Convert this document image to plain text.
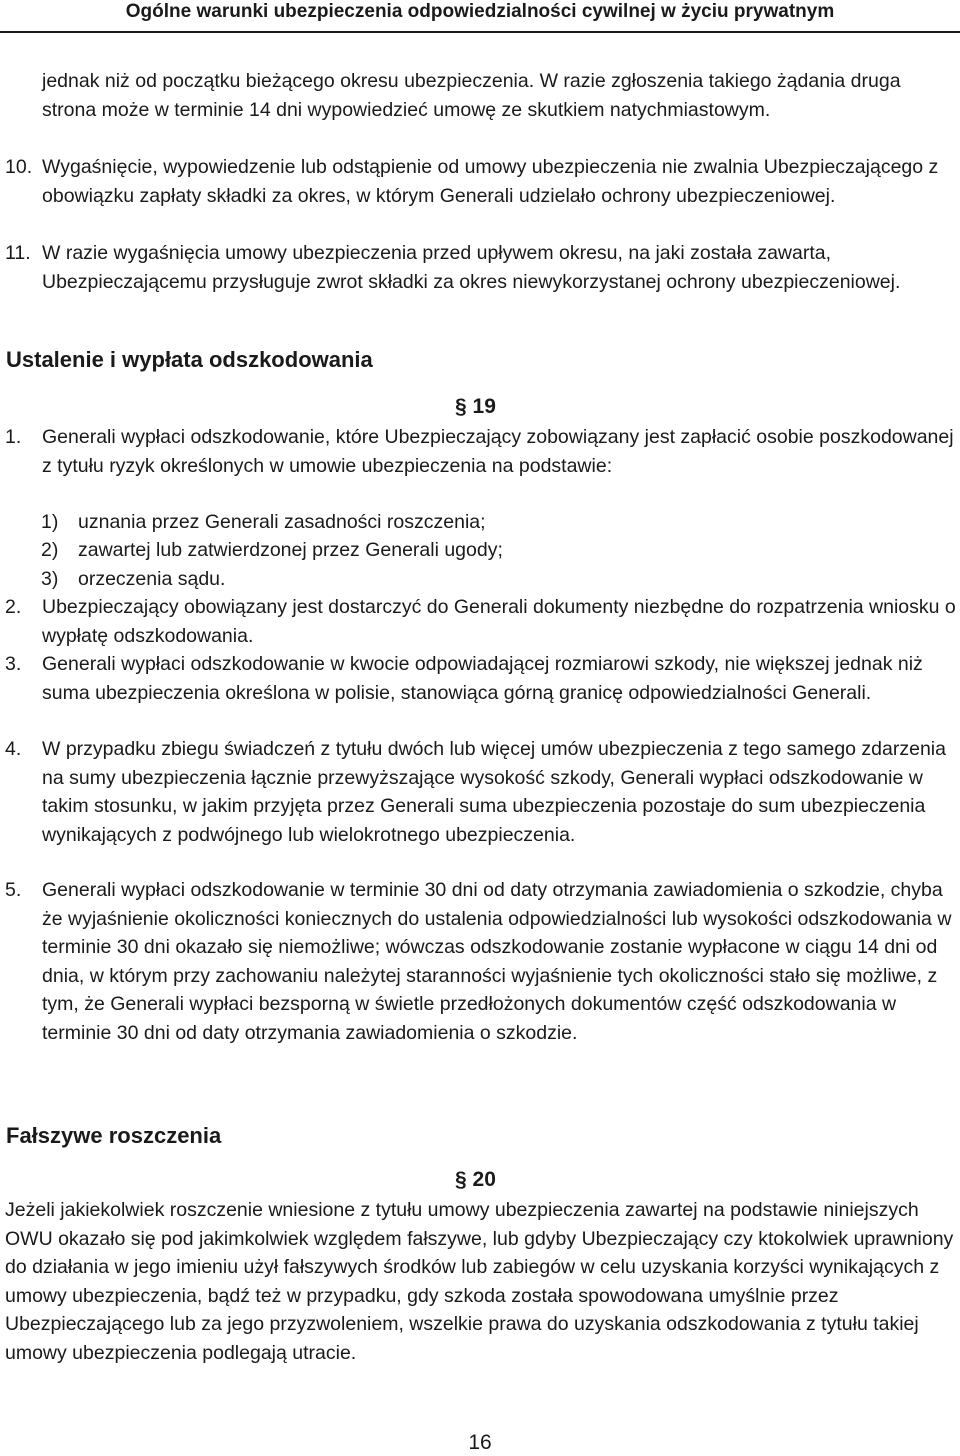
Ogólne warunki ubezpieczenia odpowiedzialności cywilnej w życiu prywatnym
jednak niż od początku bieżącego okresu ubezpieczenia. W razie zgłoszenia takiego żądania druga strona może w terminie 14 dni wypowiedzieć umowę ze skutkiem natychmiastowym.
10. Wygaśnięcie, wypowiedzenie lub odstąpienie od umowy ubezpieczenia nie zwalnia Ubezpieczającego z obowiązku zapłaty składki za okres, w którym Generali udzielało ochrony ubezpieczeniowej.
11. W razie wygaśnięcia umowy ubezpieczenia przed upływem okresu, na jaki została zawarta, Ubezpieczającemu przysługuje zwrot składki za okres niewykorzystanej ochrony ubezpieczeniowej.
Ustalenie i wypłata odszkodowania
§ 19
1. Generali wypłaci odszkodowanie, które Ubezpieczający zobowiązany jest zapłacić osobie poszkodowanej z tytułu ryzyk określonych w umowie ubezpieczenia na podstawie:
1) uznania przez Generali zasadności roszczenia;
2) zawartej lub zatwierdzonej przez Generali ugody;
3) orzeczenia sądu.
2. Ubezpieczający obowiązany jest dostarczyć do Generali dokumenty niezbędne do rozpatrzenia wniosku o wypłatę odszkodowania.
3. Generali wypłaci odszkodowanie w kwocie odpowiadającej rozmiarowi szkody, nie większej jednak niż suma ubezpieczenia określona w polisie, stanowiąca górną granicę odpowiedzialności Generali.
4. W przypadku zbiegu świadczeń z tytułu dwóch lub więcej umów ubezpieczenia z tego samego zdarzenia na sumy ubezpieczenia łącznie przewyższające wysokość szkody, Generali wypłaci odszkodowanie w takim stosunku, w jakim przyjęta przez Generali suma ubezpieczenia pozostaje do sum ubezpieczenia wynikających z podwójnego lub wielokrotnego ubezpieczenia.
5. Generali wypłaci odszkodowanie w terminie 30 dni od daty otrzymania zawiadomienia o szkodzie, chyba że wyjaśnienie okoliczności koniecznych do ustalenia odpowiedzialności lub wysokości odszkodowania w terminie 30 dni okazało się niemożliwe; wówczas odszkodowanie zostanie wypłacone w ciągu 14 dni od dnia, w którym przy zachowaniu należytej staranności wyjaśnienie tych okoliczności stało się możliwe, z tym, że Generali wypłaci bezsporną w świetle przedłożonych dokumentów część odszkodowania w terminie 30 dni od daty otrzymania zawiadomienia o szkodzie.
Fałszywe roszczenia
§ 20
Jeżeli jakiekolwiek roszczenie wniesione z tytułu umowy ubezpieczenia zawartej na podstawie niniejszych OWU okazało się pod jakimkolwiek względem fałszywe, lub gdyby Ubezpieczający czy ktokolwiek uprawniony do działania w jego imieniu użył fałszywych środków lub zabiegów w celu uzyskania korzyści wynikających z umowy ubezpieczenia, bądź też w przypadku, gdy szkoda została spowodowana umyślnie przez Ubezpieczającego lub za jego przyzwoleniem, wszelkie prawa do uzyskania odszkodowania z tytułu takiej umowy ubezpieczenia podlegają utracie.
16
